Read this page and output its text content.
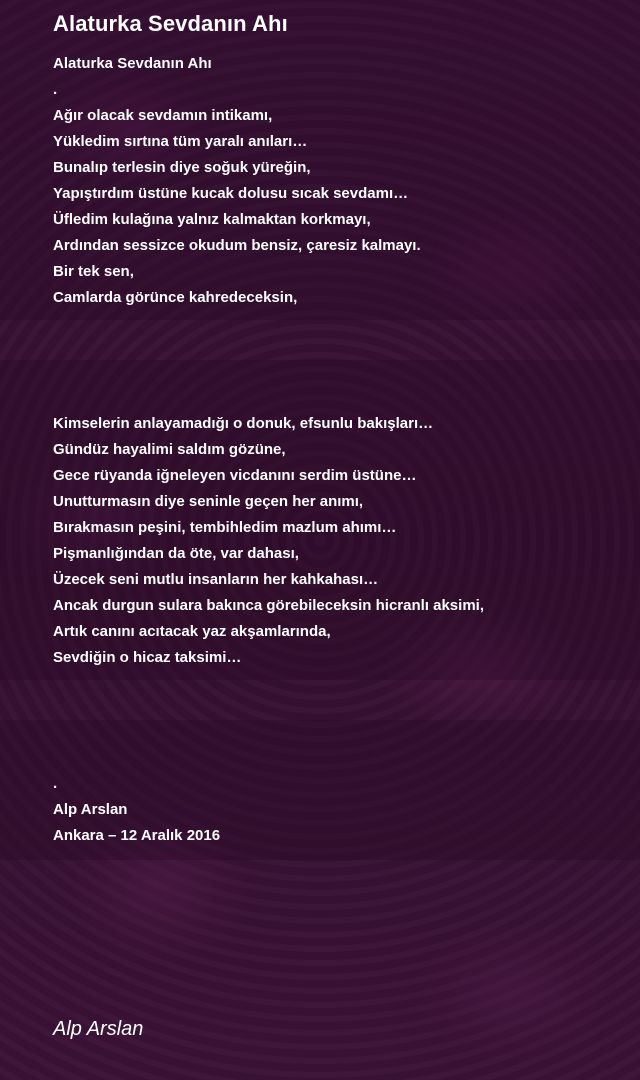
Alaturka Sevdanın Ahı
Alaturka Sevdanın Ahı
.
Ağır olacak sevdamın intikamı,
Yükledim sırtına tüm yaralı anıları…
Bunalıp terlesin diye soğuk yüreğin,
Yapıştırdım üstüne kucak dolusu sıcak sevdamı…
Üfledim kulağına yalnız kalmaktan korkmayı,
Ardından sessizce okudum bensiz, çaresiz kalmayı.
Bir tek sen,
Camlarda görünce kahredeceksin,
Kimselerin anlayamadığı o donuk, efsunlu bakışları…
Gündüz hayalimi saldım gözüne,
Gece rüyanda iğneleyen vicdanını serdim üstüne…
Unutturmasın diye seninle geçen her anımı,
Bırakmasın peşini, tembihledim mazlum ahımı…
Pişmanlığından da öte, var dahası,
Üzecek seni mutlu insanların her kahkahası…
Ancak durgun sulara bakınca görebileceksin hicranlı aksimi,
Artık canını acıtacak yaz akşamlarında,
Sevdiğin o hicaz taksimi…
.
Alp Arslan
Ankara – 12 Aralık 2016

Alp Arslan
